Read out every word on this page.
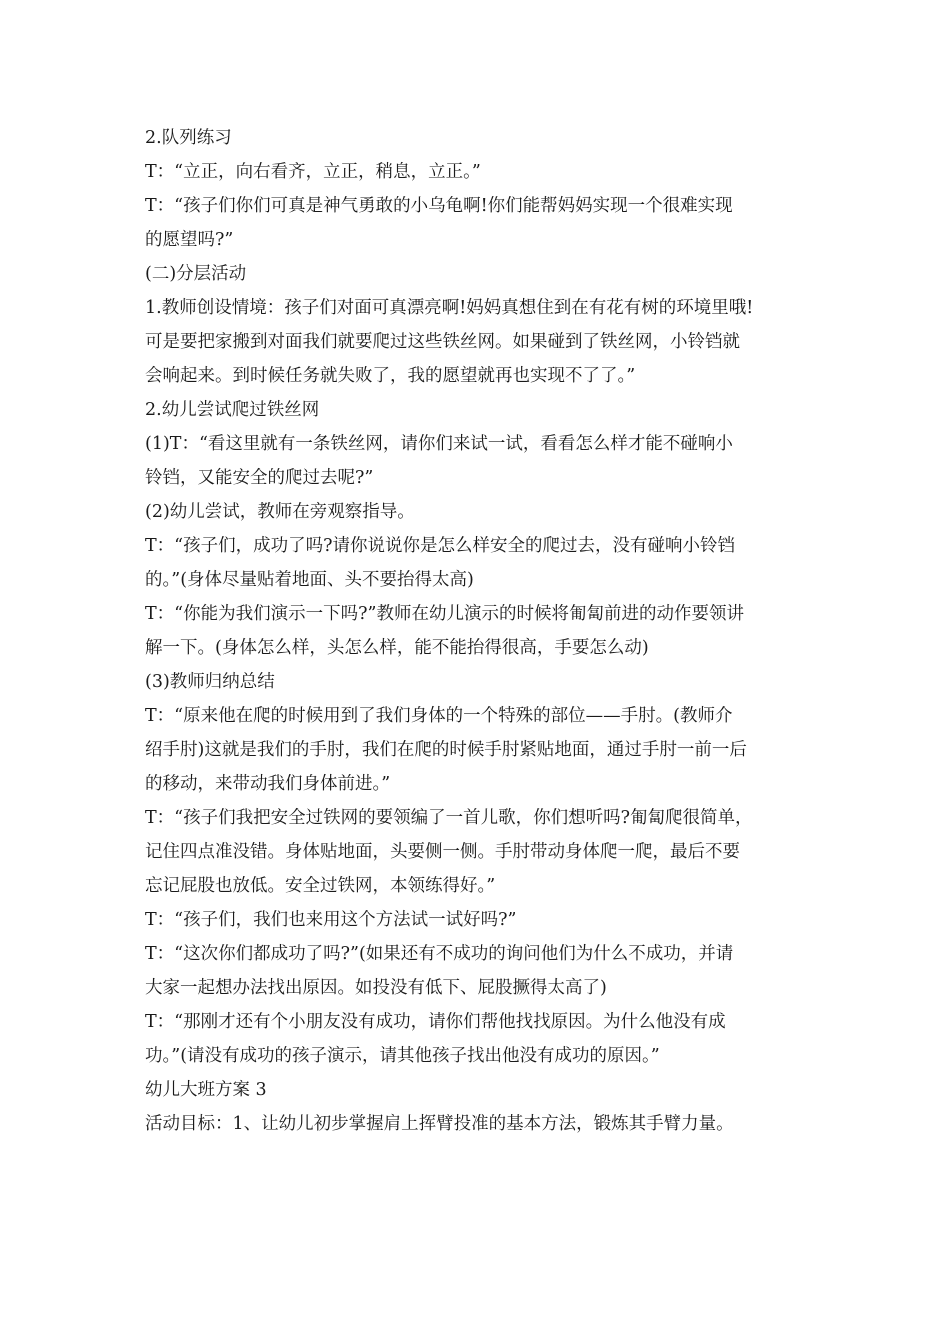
2.队列练习

T：“立正，向右看齐，立正，稍息，立正。”

T：“孩子们你们可真是神气勇敢的小乌龟啊!你们能帮妈妈实现一个很难实现

的愿望吗?”

(二)分层活动

1.教师创设情境：孩子们对面可真漂亮啊!妈妈真想住到在有花有树的环境里哦!

可是要把家搬到对面我们就要爬过这些铁丝网。如果碰到了铁丝网，小铃铛就

会响起来。到时候任务就失败了，我的愿望就再也实现不了了。”

2.幼儿尝试爬过铁丝网

(1)T：“看这里就有一条铁丝网，请你们来试一试，看看怎么样才能不碰响小

铃铛，又能安全的爬过去呢?”

(2)幼儿尝试，教师在旁观察指导。

T：“孩子们，成功了吗?请你说说你是怎么样安全的爬过去，没有碰响小铃铛

的。”(身体尽量贴着地面、头不要抬得太高)

T：“你能为我们演示一下吗?”教师在幼儿演示的时候将匍匐前进的动作要领讲

解一下。(身体怎么样，头怎么样，能不能抬得很高，手要怎么动)

(3)教师归纳总结

T：“原来他在爬的时候用到了我们身体的一个特殊的部位——手肘。(教师介

绍手肘)这就是我们的手肘，我们在爬的时候手肘紧贴地面，通过手肘一前一后

的移动，来带动我们身体前进。”

T：“孩子们我把安全过铁网的要领编了一首儿歌，你们想听吗?匍匐爬很简单，

记住四点准没错。身体贴地面，头要侧一侧。手肘带动身体爬一爬，最后不要

忘记屁股也放低。安全过铁网，本领练得好。”

T：“孩子们，我们也来用这个方法试一试好吗?”

T：“这次你们都成功了吗?”(如果还有不成功的询问他们为什么不成功，并请

大家一起想办法找出原因。如投没有低下、屁股撅得太高了)

T：“那刚才还有个小朋友没有成功，请你们帮他找找原因。为什么他没有成

功。”(请没有成功的孩子演示，请其他孩子找出他没有成功的原因。”

幼儿大班方案 3

活动目标：1、让幼儿初步掌握肩上挥臂投准的基本方法，锻炼其手臂力量。
